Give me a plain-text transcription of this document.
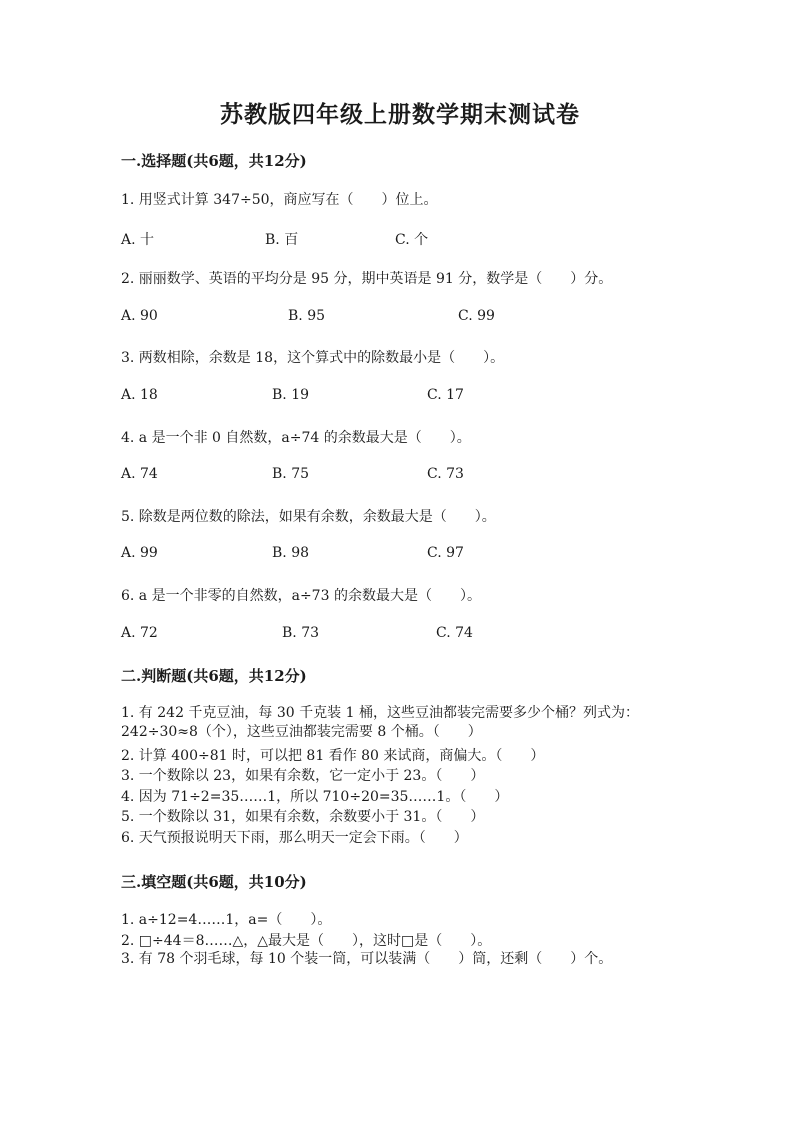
苏教版四年级上册数学期末测试卷
一.选择题(共6题，共12分)
1. 用竖式计算 347÷50，商应写在（　　）位上。
A. 十	B. 百	C. 个
2. 丽丽数学、英语的平均分是 95 分，期中英语是 91 分，数学是（　　）分。
A. 90	B. 95	C. 99
3. 两数相除，余数是 18，这个算式中的除数最小是（　　）。
A. 18	B. 19	C. 17
4. a 是一个非 0 自然数，a÷74 的余数最大是（　　）。
A. 74	B. 75	C. 73
5. 除数是两位数的除法，如果有余数，余数最大是（　　）。
A. 99	B. 98	C. 97
6. a 是一个非零的自然数，a÷73 的余数最大是（　　）。
A. 72	B. 73	C. 74
二.判断题(共6题，共12分)
1. 有 242 千克豆油，每 30 千克装 1 桶，这些豆油都装完需要多少个桶？列式为：242÷30≈8（个），这些豆油都装完需要 8 个桶。（　　）
2. 计算 400÷81 时，可以把 81 看作 80 来试商，商偏大。（　　）
3. 一个数除以 23，如果有余数，它一定小于 23。（　　）
4. 因为 71÷2=35……1，所以 710÷20=35……1。（　　）
5. 一个数除以 31，如果有余数，余数要小于 31。（　　）
6. 天气预报说明天下雨，那么明天一定会下雨。（　　）
三.填空题(共6题，共10分)
1. a÷12=4……1，a=（　　）。
2. □÷44＝8……△，△最大是（　　），这时□是（　　）。
3. 有 78 个羽毛球，每 10 个装一筒，可以装满（　　）筒，还剩（　　）个。
